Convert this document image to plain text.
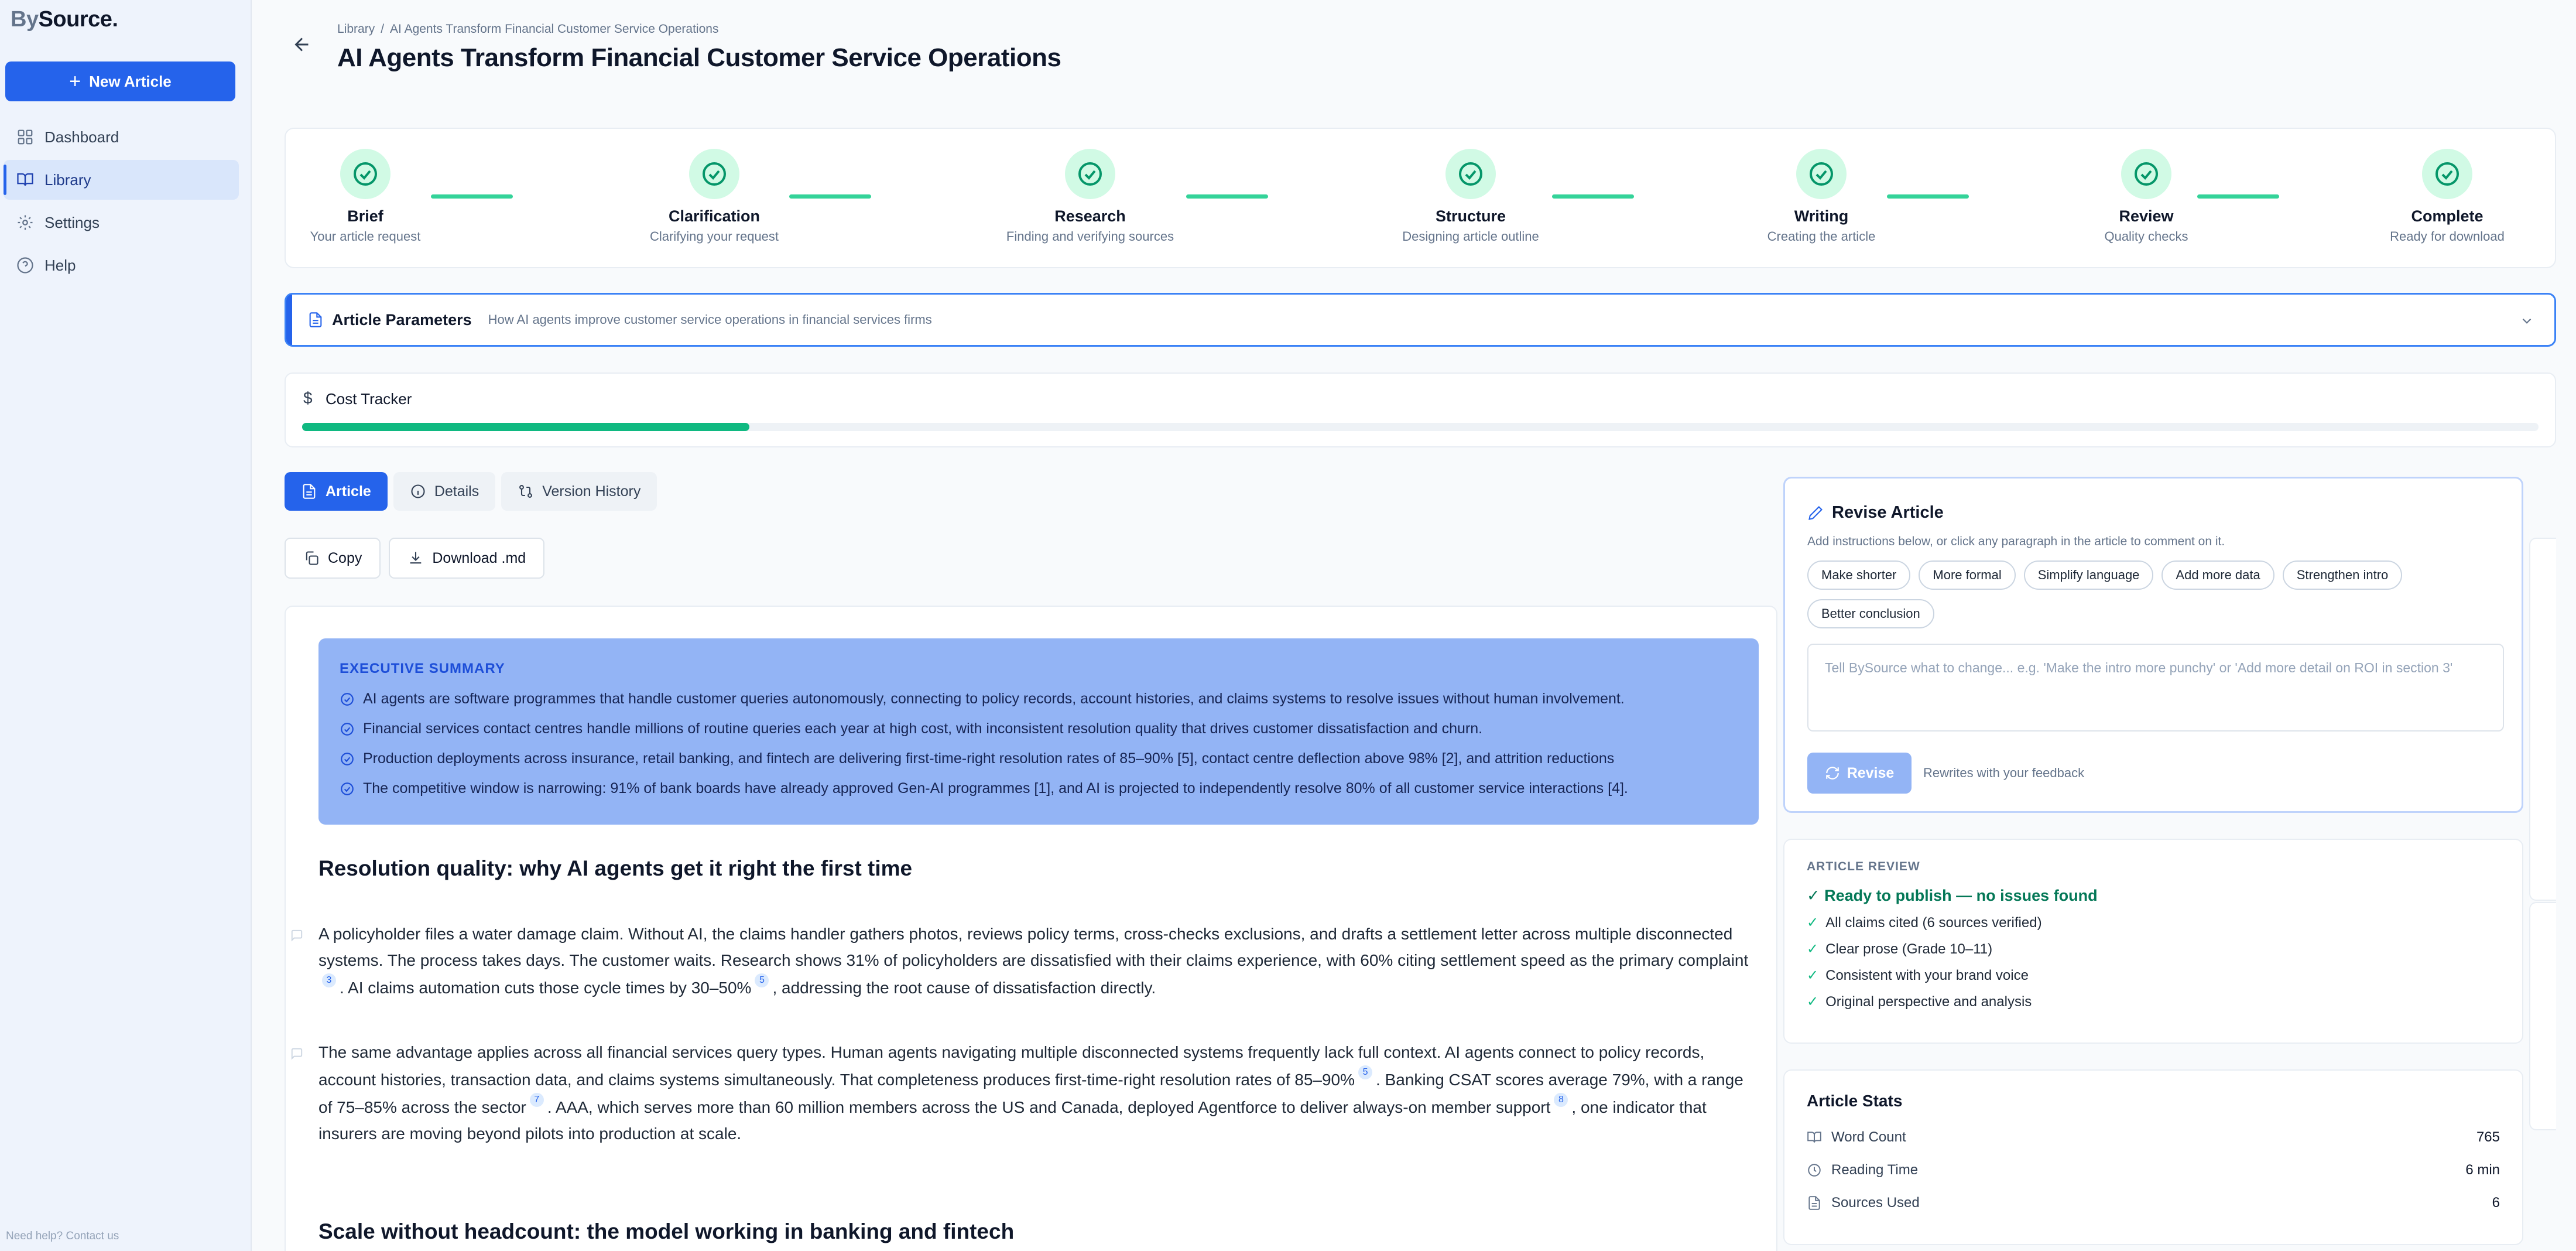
BySource.
+ New Article
Dashboard
Library
Settings
Help
Need help? Contact us
Library / AI Agents Transform Financial Customer Service Operations
AI Agents Transform Financial Customer Service Operations
Brief
Your article request
Clarification
Clarifying your request
Research
Finding and verifying sources
Structure
Designing article outline
Writing
Creating the article
Review
Quality checks
Complete
Ready for download
Article Parameters How AI agents improve customer service operations in financial services firms
$ Cost Tracker
Article	Details	Version History
Copy	Download .md
EXECUTIVE SUMMARY
AI agents are software programmes that handle customer queries autonomously, connecting to policy records, account histories, and claims systems to resolve issues without human involvement.
Financial services contact centres handle millions of routine queries each year at high cost, with inconsistent resolution quality that drives customer dissatisfaction and churn.
Production deployments across insurance, retail banking, and fintech are delivering first-time-right resolution rates of 85–90% [5], contact centre deflection above 98% [2], and attrition reductions
The competitive window is narrowing: 91% of bank boards have already approved Gen-AI programmes [1], and AI is projected to independently resolve 80% of all customer service interactions [4].
Resolution quality: why AI agents get it right the first time

A policyholder files a water damage claim. Without AI, the claims handler gathers photos, reviews policy terms, cross-checks exclusions, and drafts a settlement letter across multiple disconnected systems. The process takes days. The customer waits. Research shows 31% of policyholders are dissatisfied with their claims experience, with 60% citing settlement speed as the primary complaint3 . AI claims automation cuts those cycle times by 30–50% 5 , addressing the root cause of dissatisfaction directly.

The same advantage applies across all financial services query types. Human agents navigating multiple disconnected systems frequently lack full context. AI agents connect to policy records, account histories, transaction data, and claims systems simultaneously. That completeness produces first-time-right resolution rates of 85–90% 5 . Banking CSAT scores average 79%, with a range of 75–85% across the sector 7 . AAA, which serves more than 60 million members across the US and Canada, deployed Agentforce to deliver always-on member support 8 , one indicator that insurers are moving beyond pilots into production at scale.

Scale without headcount: the model working in banking and fintech
Revise Article
Add instructions below, or click any paragraph in the article to comment on it.
Make shorter	More formal	Simplify language	Add more data	Strengthen intro
Better conclusion
Tell BySource what to change... e.g. 'Make the intro more punchy' or 'Add more detail on ROI in section 3'
Revise Rewrites with your feedback
ARTICLE REVIEW
✓ Ready to publish — no issues found
✓ All claims cited (6 sources verified)
✓ Clear prose (Grade 10–11)
✓ Consistent with your brand voice
✓ Original perspective and analysis
Article Stats
Word Count	765
Reading Time	6 min
Sources Used	6
